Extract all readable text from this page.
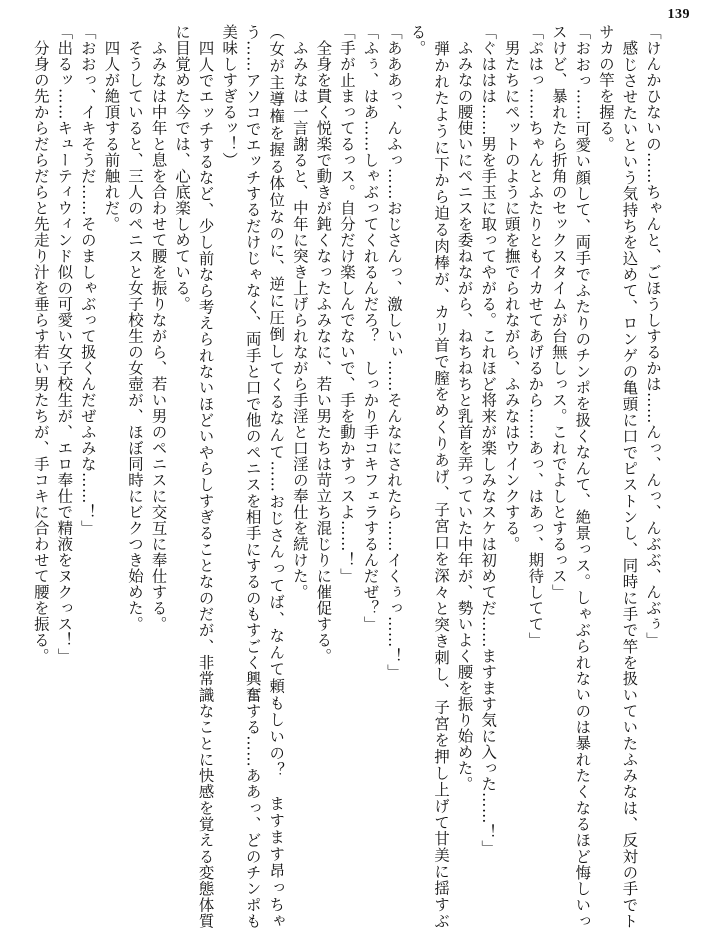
139

「けんかひないの……ちゃんと、ごほうしするかは……んっ、んっ、んぶぶ、んぶぅ」

　感じさせたいという気持ちを込めて、ロンゲの亀頭に口でピストンし、同時に手で竿を扱いていたふみなは、反対の手でトサカの竿を握る。

「おおっ……可愛い顔して、両手でふたりのチンポを扱くなんて、絶景っス。しゃぶられないのは暴れたくなるほど悔しいっスけど、暴れたら折角のセックスタイムが台無しっス。これでよしとするっス」

「ぷはっ……ちゃんとふたりともイカせてあげるから……あっ、はあっ、期待してて」

　男たちにペットのように頭を撫でられながら、ふみなはウインクする。

「ぐははは……男を手玉に取ってやがる。これほど将来が楽しみなスケは初めてだ……ますます気に入った……！」

　ふみなの腰使いにペニスを委ねながら、ねちねちと乳首を弄っていた中年が、勢いよく腰を振り始めた。

　弾かれたように下から迫る肉棒が、カリ首で膣をめくりあげ、子宮口を深々と突き刺し、子宮を押し上げて甘美に揺すぶる。

「あああっ、んふっ……おじさんっ、激しいぃ……そんなにされたら……イくぅっ……！」

「ふぅ、はあ……しゃぶってくれるんだろ？　しっかり手コキフェラするんだぜ？」

「手が止まってるっス。自分だけ楽しんでないで、手を動かすっスよ……！」

　全身を貫く悦楽で動きが鈍くなったふみなに、若い男たちは苛立ち混じりに催促する。

　ふみなは一言謝ると、中年に突き上げられながら手淫と口淫の奉仕を続けた。

（女が主導権を握る体位なのに、逆に圧倒してくるなんて……おじさんってば、なんて頼もしいの？　ますます昂っちゃう……アソコでエッチするだけじゃなく、両手と口で他のペニスを相手にするのもすごく興奮する……ああっ、どのチンポも美味しすぎるッ！）

　四人でエッチするなど、少し前なら考えられないほどいやらしすぎることなのだが、非常識なことに快感を覚える変態体質に目覚めた今では、心底楽しめている。

　ふみなは中年と息を合わせて腰を振りながら、若い男のペニスに交互に奉仕する。

　そうしていると、三人のペニスと女子校生の女壺が、ほぼ同時にビクつき始めた。

　四人が絶頂する前触れだ。

「おおっ、イキそうだ……そのましゃぶって扱くんだぜふみな……！」

「出るッ……キューティウィンド似の可愛い女子校生が、エロ奉仕で精液をヌクっス！」

　分身の先からだらだらと先走り汁を垂らす若い男たちが、手コキに合わせて腰を振る。
